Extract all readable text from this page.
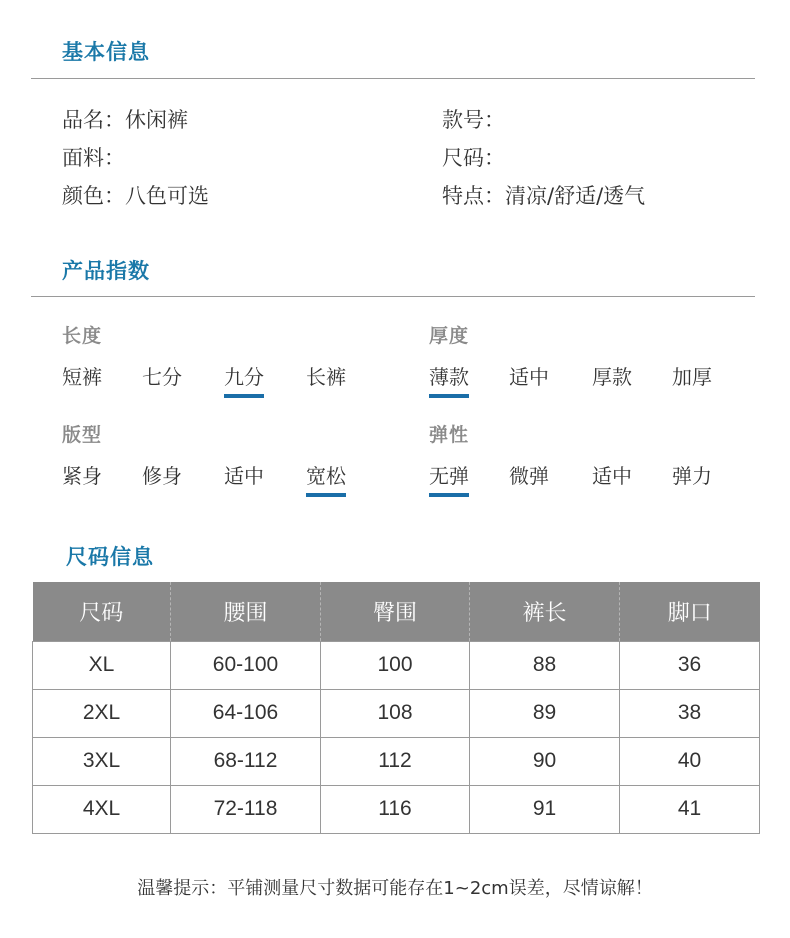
基本信息
品名：休闲裤	款号：
面料：	尺码：
颜色：八色可选	特点：清凉/舒适/透气
产品指数
长度
短裤 七分 九分 长裤
厚度
薄款 适中 厚款 加厚
版型
紧身 修身 适中 宽松
弹性
无弹 微弹 适中 弹力
尺码信息
尺码	腰围	臀围	裤长	脚口
XL	60-100	100	88	36
2XL	64-106	108	89	38
3XL	68-112	112	90	40
4XL	72-118	116	91	41
温馨提示：平铺测量尺寸数据可能存在1~2cm误差，尽情谅解！
